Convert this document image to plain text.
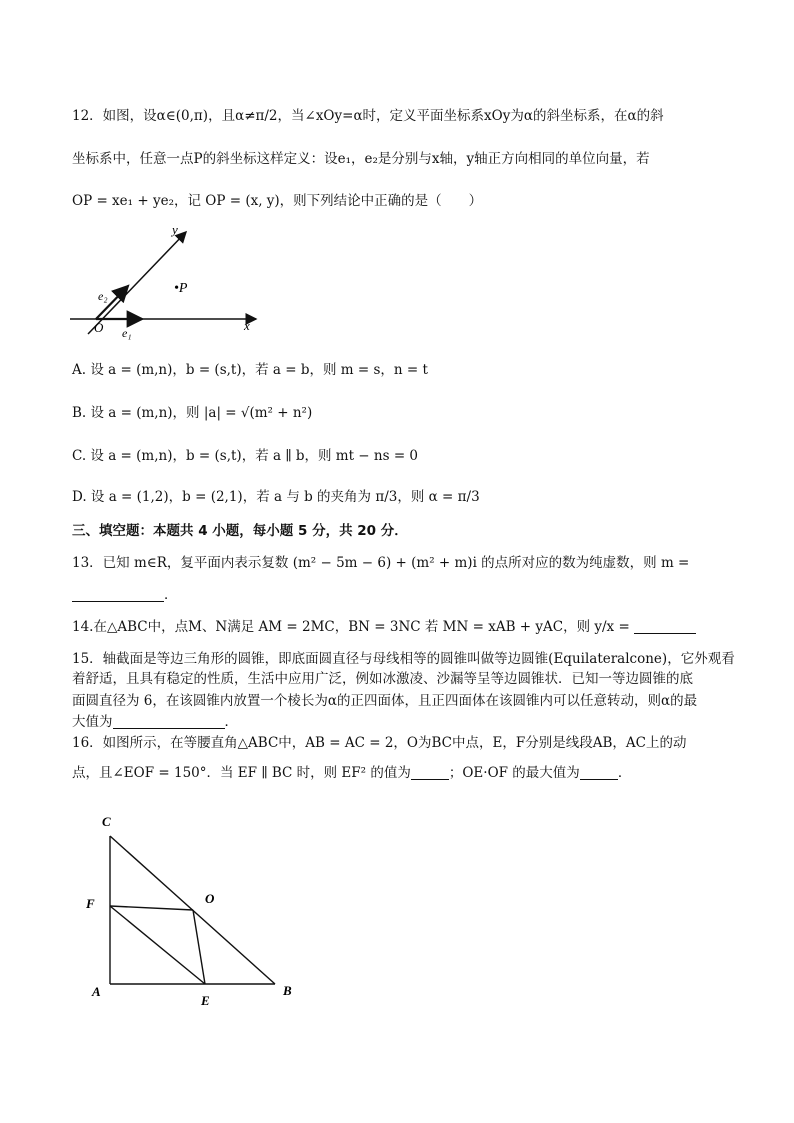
12．如图，设α∈(0,π)，且α≠π/2，当∠xOy=α时，定义平面坐标系xOy为α的斜坐标系，在α的斜
坐标系中，任意一点P的斜坐标这样定义：设e₁，e₂是分别与x轴，y轴正方向相同的单位向量，若
OP = xe₁ + ye₂，记 OP = (x, y)，则下列结论中正确的是（　　）
y
x
O
•P
e₁
e₂
A. 设 a = (m,n)，b = (s,t)，若 a = b，则 m = s，n = t
B. 设 a = (m,n)，则 |a| = √(m² + n²)
C. 设 a = (m,n)，b = (s,t)，若 a ∥ b，则 mt − ns = 0
D. 设 a = (1,2)，b = (2,1)，若 a 与 b 的夹角为 π/3，则 α = π/3
三、填空题：本题共 4 小题，每小题 5 分，共 20 分．
13．已知 m∈R，复平面内表示复数 (m² − 5m − 6) + (m² + m)i 的点所对应的数为纯虚数，则 m =
．
14.在△ABC中，点M、N满足 AM = 2MC，BN = 3NC 若 MN = xAB + yAC，则 y/x =
15．轴截面是等边三角形的圆锥，即底面圆直径与母线相等的圆锥叫做等边圆锥(Equilateralcone)，它外观看
着舒适，且具有稳定的性质，生活中应用广泛，例如冰激凌、沙漏等呈等边圆锥状．已知一等边圆锥的底
面圆直径为 6，在该圆锥内放置一个棱长为α的正四面体，且正四面体在该圆锥内可以任意转动，则α的最
大值为	．
16．如图所示，在等腰直角△ABC中，AB = AC = 2，O为BC中点，E，F分别是线段AB，AC上的动
点，且∠EOF = 150°．当 EF ∥ BC 时，则 EF² 的值为	；OE·OF 的最大值为	．
C
F	O
A
E
B
